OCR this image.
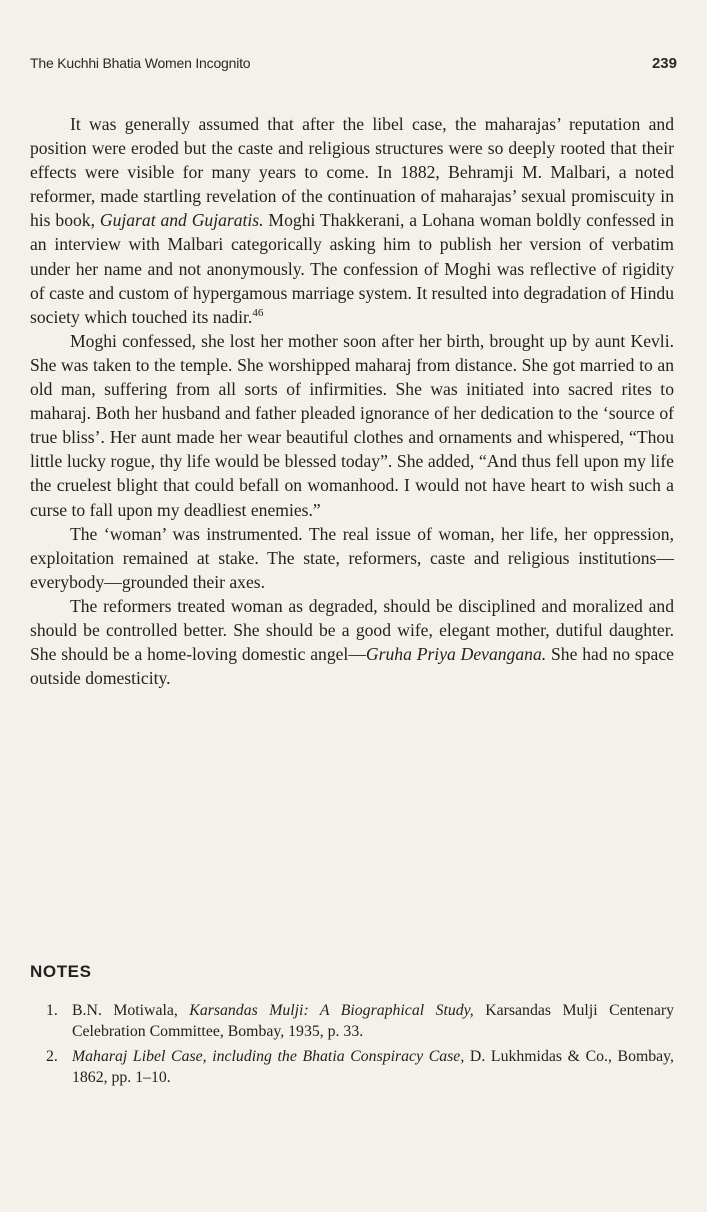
The Kuchhi Bhatia Women Incognito	239

It was generally assumed that after the libel case, the maharajas’ reputation and position were eroded but the caste and religious structures were so deeply rooted that their effects were visible for many years to come. In 1882, Behramji M. Malbari, a noted reformer, made startling revelation of the continuation of maharajas’ sexual promiscuity in his book, Gujarat and Gujaratis. Moghi Thakkerani, a Lohana woman boldly confessed in an interview with Malbari categorically asking him to publish her version of verbatim under her name and not anonymously. The confession of Moghi was reflective of rigidity of caste and custom of hypergamous marriage system. It resulted into degradation of Hindu society which touched its nadir.$^{46}$

Moghi confessed, she lost her mother soon after her birth, brought up by aunt Kevli. She was taken to the temple. She worshipped maharaj from distance. She got married to an old man, suffering from all sorts of infirmities. She was initiated into sacred rites to maharaj. Both her husband and father pleaded ignorance of her dedication to the ‘source of true bliss’. Her aunt made her wear beautiful clothes and ornaments and whispered, “Thou little lucky rogue, thy life would be blessed today”. She added, “And thus fell upon my life the cruelest blight that could befall on womanhood. I would not have heart to wish such a curse to fall upon my deadliest enemies.”

The ‘woman’ was instrumented. The real issue of woman, her life, her oppression, exploitation remained at stake. The state, reformers, caste and religious institutions—everybody—grounded their axes.

The reformers treated woman as degraded, should be disciplined and moralized and should be controlled better. She should be a good wife, elegant mother, dutiful daughter. She should be a home-loving domestic angel—Gruha Priya Devangana. She had no space outside domesticity.

NOTES
1. B.N. Motiwala, Karsandas Mulji: A Biographical Study, Karsandas Mulji Centenary Celebration Committee, Bombay, 1935, p. 33.
2. Maharaj Libel Case, including the Bhatia Conspiracy Case, D. Lukhmidas & Co., Bombay, 1862, pp. 1–10.
